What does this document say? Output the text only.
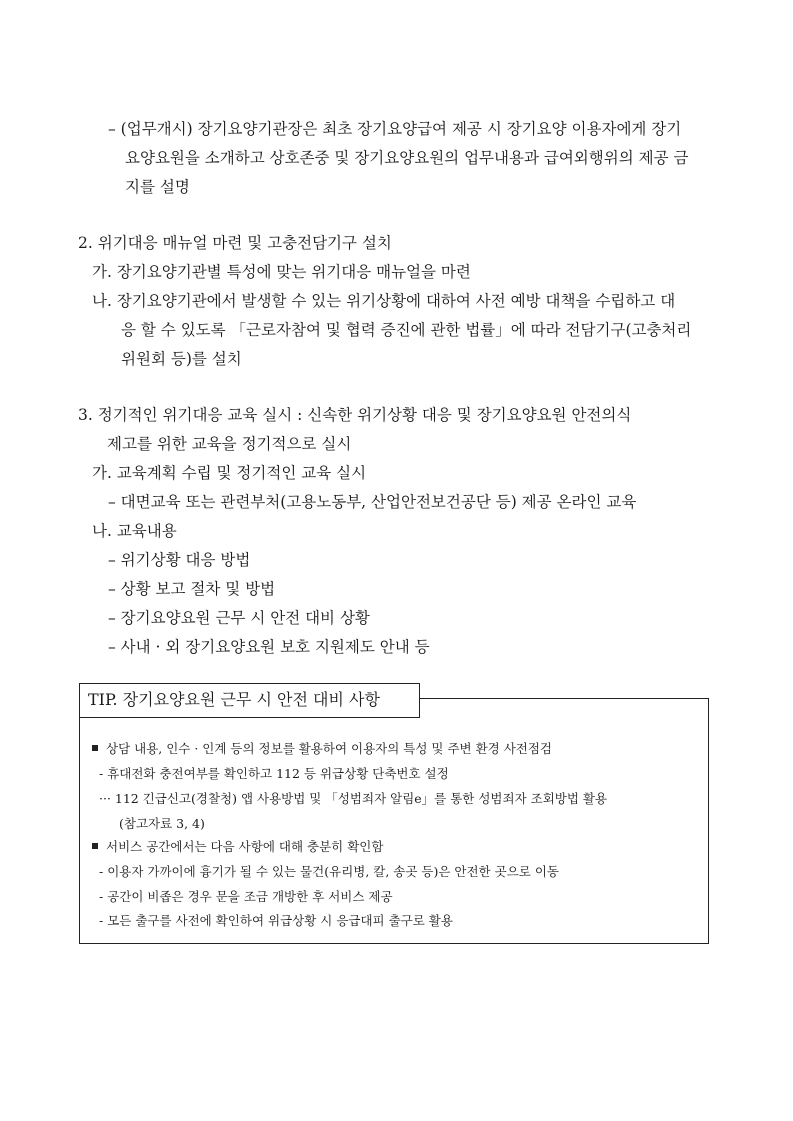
– (업무개시) 장기요양기관장은 최초 장기요양급여 제공 시 장기요양 이용자에게 장기
요양요원을 소개하고 상호존중 및 장기요양요원의 업무내용과 급여외행위의 제공 금
지를 설명
2. 위기대응 매뉴얼 마련 및 고충전담기구 설치
가. 장기요양기관별 특성에 맞는 위기대응 매뉴얼을 마련
나. 장기요양기관에서 발생할 수 있는 위기상황에 대하여 사전 예방 대책을 수립하고 대
응 할 수 있도록 「근로자참여 및 협력 증진에 관한 법률」에 따라 전담기구(고충처리
위원회 등)를 설치
3. 정기적인 위기대응 교육 실시 : 신속한 위기상황 대응 및 장기요양요원 안전의식
제고를 위한 교육을 정기적으로 실시
가. 교육계획 수립 및 정기적인 교육 실시
– 대면교육 또는 관련부처(고용노동부, 산업안전보건공단 등) 제공 온라인 교육
나. 교육내용
– 위기상황 대응 방법
– 상황 보고 절차 및 방법
– 장기요양요원 근무 시 안전 대비 상황
– 사내 · 외 장기요양요원 보호 지원제도 안내 등
TIP. 장기요양요원 근무 시 안전 대비 사항
상담 내용, 인수 · 인계 등의 정보를 활용하여 이용자의 특성 및 주변 환경 사전점검
- 휴대전화 충전여부를 확인하고 112 등 위급상황 단축번호 설정
··· 112 긴급신고(경찰청) 앱 사용방법 및 「성범죄자 알림e」를 통한 성범죄자 조회방법 활용
(참고자료 3, 4)
서비스 공간에서는 다음 사항에 대해 충분히 확인함
- 이용자 가까이에 흉기가 될 수 있는 물건(유리병, 칼, 송곳 등)은 안전한 곳으로 이동
- 공간이 비좁은 경우 문을 조금 개방한 후 서비스 제공
- 모든 출구를 사전에 확인하여 위급상황 시 응급대피 출구로 활용
